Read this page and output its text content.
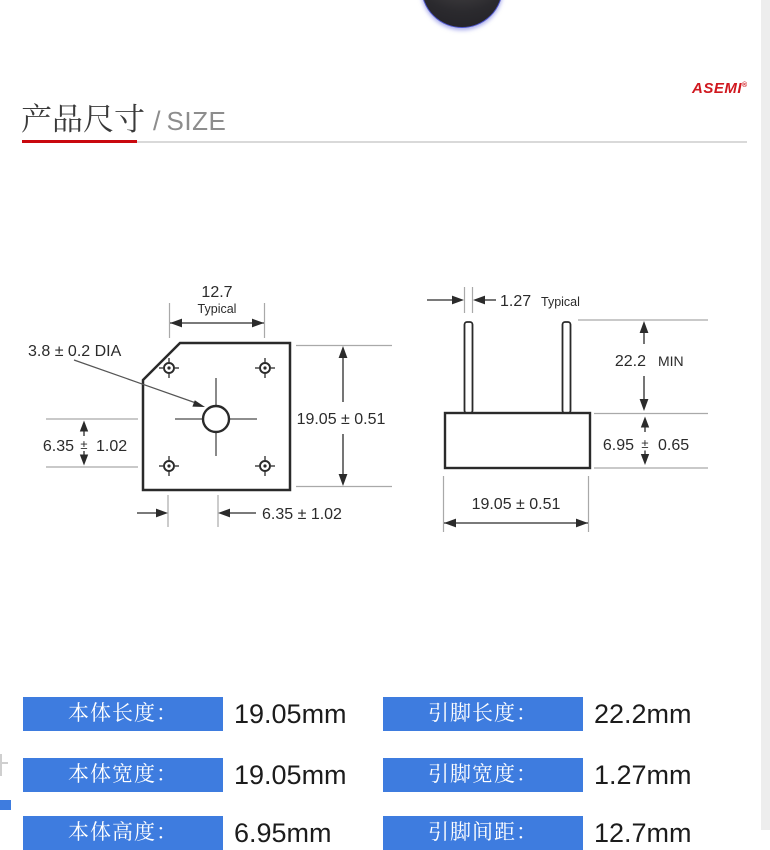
ASEMI®
产品尺寸 / SIZE
12.7
Typical
3.8 ± 0.2 DIA
±
6.35 1.02
19.05 ± 0.51
6.35 ± 1.02
1.27 Typical
22.2 MIN
±
6.95 0.65
19.05 ± 0.51
本体长度：	19.05mm	引脚长度：	22.2mm
本体宽度：	19.05mm	引脚宽度：	1.27mm
本体高度：	6.95mm	引脚间距：	12.7mm
